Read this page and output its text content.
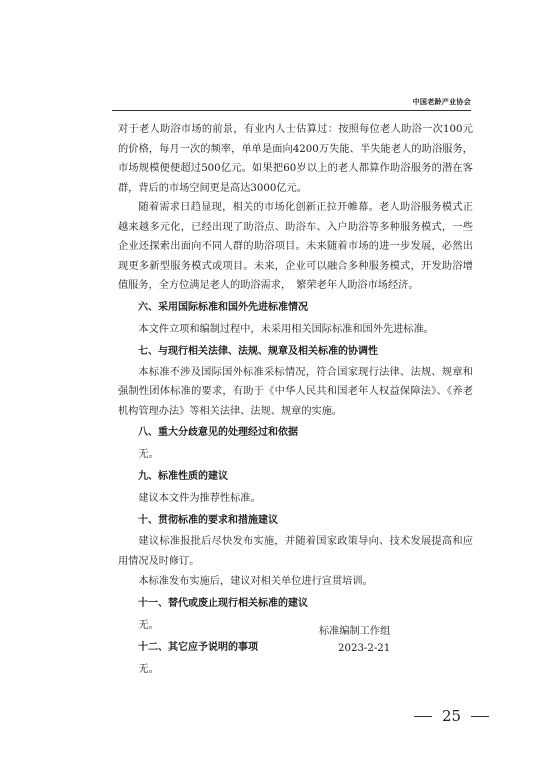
中国老龄产业协会

对于老人助浴市场的前景，有业内人士估算过：按照每位老人助浴一次100元的价格，每月一次的频率，单单是面向4200万失能、半失能老人的助浴服务，市场规模便便超过500亿元。如果把60岁以上的老人都算作助浴服务的潜在客群，背后的市场空间更是高达3000亿元。

随着需求日趋显现，相关的市场化创新正拉开帷幕。老人助浴服务模式正越来越多元化，已经出现了助浴点、助浴车、入户助浴等多种服务模式，一些企业还探索出面向不同人群的助浴项目。未来随着市场的进一步发展，必然出现更多新型服务模式或项目。未来，企业可以融合多种服务模式，开发助浴增值服务，全方位满足老人的助浴需求，　繁荣老年人助浴市场经济。

六、采用国际标准和国外先进标准情况

本文件立项和编制过程中，未采用相关国际标准和国外先进标准。

七、与现行相关法律、法规、规章及相关标准的协调性

本标准不涉及国际国外标准采标情况，符合国家现行法律、法规、规章和强制性团体标准的要求，有助于《中华人民共和国老年人权益保障法》、《养老机构管理办法》等相关法律、法规、规章的实施。

八、重大分歧意见的处理经过和依据

无。

九、标准性质的建议

建议本文件为推荐性标准。

十、贯彻标准的要求和措施建议

建议标准报批后尽快发布实施，并随着国家政策导向、技术发展提高和应用情况及时修订。

本标准发布实施后，建议对相关单位进行宣贯培训。

十一、替代或废止现行相关标准的建议

无。

十二、其它应予说明的事项

无。

标准编制工作组
2023-2-21
25
